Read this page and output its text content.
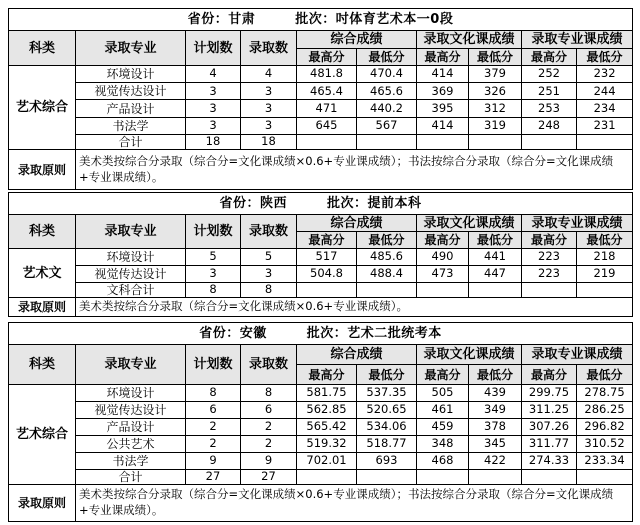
省份：甘肃 批次：吋体育艺术本一0段									
科类	录取专业	计划数	录取数	综合成绩		录取文化课成绩		录取专业课成绩	
				最高分	最低分	最高分	最低分	最高分	最低分
艺术综合	环境设计	4	4	481.8	470.4	414	379	252	232
	视觉传达设计	3	3	465.4	465.6	369	326	251	244
	产品设计	3	3	471	440.2	395	312	253	234
	书法学	3	3	645	567	414	319	248	231
	合计	18	18						
录取原则	美术类按综合分录取（综合分=文化课成绩×0.6+专业课成绩）；书法按综合分录取（综合分=文化课成绩+专业课成绩）。								
省份：陕西 批次：提前本科									
科类	录取专业	计划数	录取数	综合成绩		录取文化课成绩		录取专业课成绩	
				最高分	最低分	最高分	最低分	最高分	最低分
艺术文	环境设计	5	5	517	485.6	490	441	223	218
	视觉传达设计	3	3	504.8	488.4	473	447	223	219
	文科合计	8	8						
录取原则	美术类按综合分录取（综合分=文化课成绩×0.6+专业课成绩）。								
省份：安徽 批次：艺术二批统考本									
科类	录取专业	计划数	录取数	综合成绩		录取文化课成绩		录取专业课成绩	
				最高分	最低分	最高分	最低分	最高分	最低分
艺术综合	环境设计	8	8	581.75	537.35	505	439	299.75	278.75
	视觉传达设计	6	6	562.85	520.65	461	349	311.25	286.25
	产品设计	2	2	565.42	534.06	459	378	307.26	296.82
	公共艺术	2	2	519.32	518.77	348	345	311.77	310.52
	书法学	9	9	702.01	693	468	422	274.33	233.34
	合计	27	27						
录取原则	美术类按综合分录取（综合分=文化课成绩×0.6+专业课成绩）；书法按综合分录取（综合分=文化课成绩+专业课成绩）。								
